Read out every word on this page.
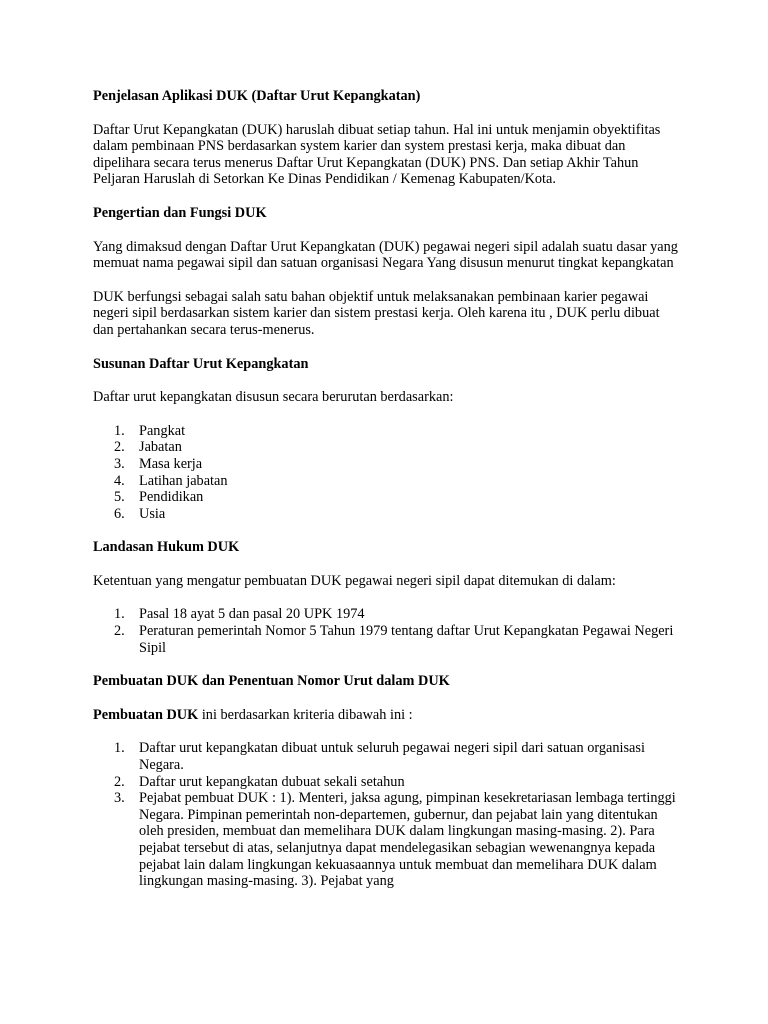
Penjelasan Aplikasi DUK (Daftar Urut Kepangkatan)

Daftar Urut Kepangkatan (DUK) haruslah dibuat setiap tahun. Hal ini untuk menjamin obyektifitas dalam pembinaan PNS berdasarkan system karier dan system prestasi kerja, maka dibuat dan dipelihara secara terus menerus Daftar Urut Kepangkatan (DUK) PNS. Dan setiap Akhir Tahun Peljaran Haruslah di Setorkan Ke Dinas Pendidikan / Kemenag Kabupaten/Kota.

Pengertian dan Fungsi DUK

Yang dimaksud dengan Daftar Urut Kepangkatan (DUK) pegawai negeri sipil adalah suatu dasar yang memuat nama pegawai sipil dan satuan organisasi Negara Yang disusun menurut tingkat kepangkatan

DUK berfungsi sebagai salah satu bahan objektif untuk melaksanakan pembinaan karier pegawai negeri sipil berdasarkan sistem karier dan sistem prestasi kerja. Oleh karena itu , DUK perlu dibuat dan pertahankan secara terus-menerus.

Susunan Daftar Urut Kepangkatan

Daftar urut kepangkatan disusun secara berurutan berdasarkan:

1. Pangkat
2. Jabatan
3. Masa kerja
4. Latihan jabatan
5. Pendidikan
6. Usia
Landasan Hukum DUK

Ketentuan yang mengatur pembuatan DUK pegawai negeri sipil dapat ditemukan di dalam:

1. Pasal 18 ayat 5 dan pasal 20 UPK 1974
2. Peraturan pemerintah Nomor 5 Tahun 1979 tentang daftar Urut Kepangkatan Pegawai Negeri Sipil
Pembuatan DUK dan Penentuan Nomor Urut dalam DUK

Pembuatan DUK ini berdasarkan kriteria dibawah ini :

1. Daftar urut kepangkatan dibuat untuk seluruh pegawai negeri sipil dari satuan organisasi Negara.
2. Daftar urut kepangkatan dubuat sekali setahun
3. Pejabat pembuat DUK : 1). Menteri, jaksa agung, pimpinan kesekretariasan lembaga tertinggi Negara. Pimpinan pemerintah non-departemen, gubernur, dan pejabat lain yang ditentukan oleh presiden, membuat dan memelihara DUK dalam lingkungan masing-masing. 2). Para pejabat tersebut di atas, selanjutnya dapat mendelegasikan sebagian wewenangnya kepada pejabat lain dalam lingkungan kekuasaannya untuk membuat dan memelihara DUK dalam lingkungan masing-masing. 3). Pejabat yang
